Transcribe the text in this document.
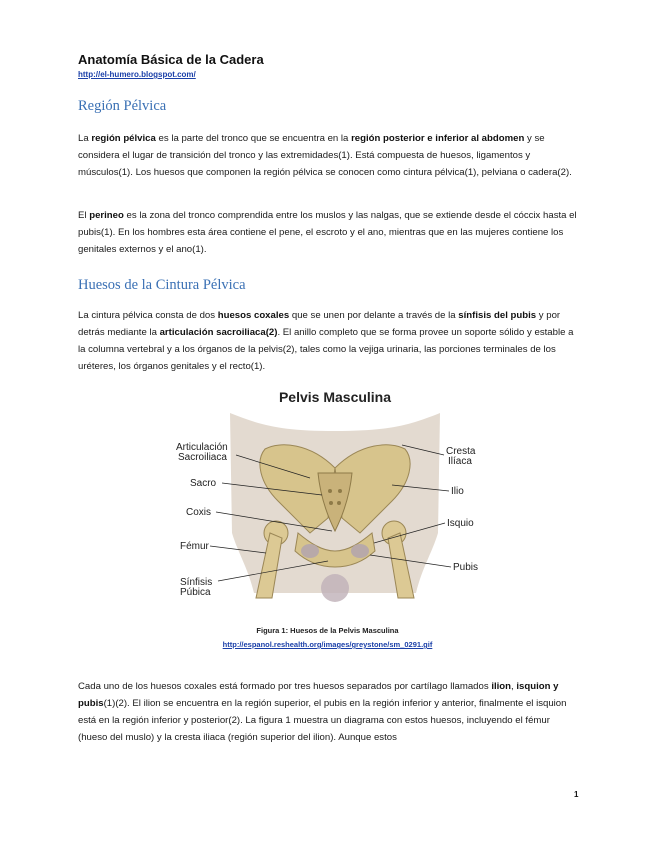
Anatomía Básica de la Cadera
http://el-humero.blogspot.com/
Región Pélvica

La región pélvica es la parte del tronco que se encuentra en la región posterior e inferior al abdomen y se considera el lugar de transición del tronco y las extremidades(1). Está compuesta de huesos, ligamentos y músculos(1). Los huesos que componen la región pélvica se conocen como cintura pélvica(1), pelviana o cadera(2).

El perineo es la zona del tronco comprendida entre los muslos y las nalgas, que se extiende desde el cóccix hasta el pubis(1). En los hombres esta área contiene el pene, el escroto y el ano, mientras que en las mujeres contiene los genitales externos y el ano(1).

Huesos de la Cintura Pélvica

La cintura pélvica consta de dos huesos coxales que se unen por delante a través de la sínfisis del pubis y por detrás mediante la articulación sacroiliaca(2). El anillo completo que se forma provee un soporte sólido y estable a la columna vertebral y a los órganos de la pelvis(2), tales como la vejiga urinaria, las porciones terminales de los uréteres, los órganos genitales y el recto(1).

Pelvis Masculina
Articulación
Sacroiliaca
Sacro
Coxis
Fémur
Sínfisis
Púbica
Cresta
Ilíaca
Ilio
Isquio
Pubis
Figura 1: Huesos de la Pelvis Masculina
http://espanol.reshealth.org/images/greystone/sm_0291.gif

Cada uno de los huesos coxales está formado por tres huesos separados por cartílago llamados ilion, isquion y pubis(1)(2). El ilion se encuentra en la región superior, el pubis en la región inferior y anterior, finalmente el isquion está en la región inferior y posterior(2). La figura 1 muestra un diagrama con estos huesos, incluyendo el fémur (hueso del muslo) y la cresta iliaca (región superior del ilion). Aunque estos

1
